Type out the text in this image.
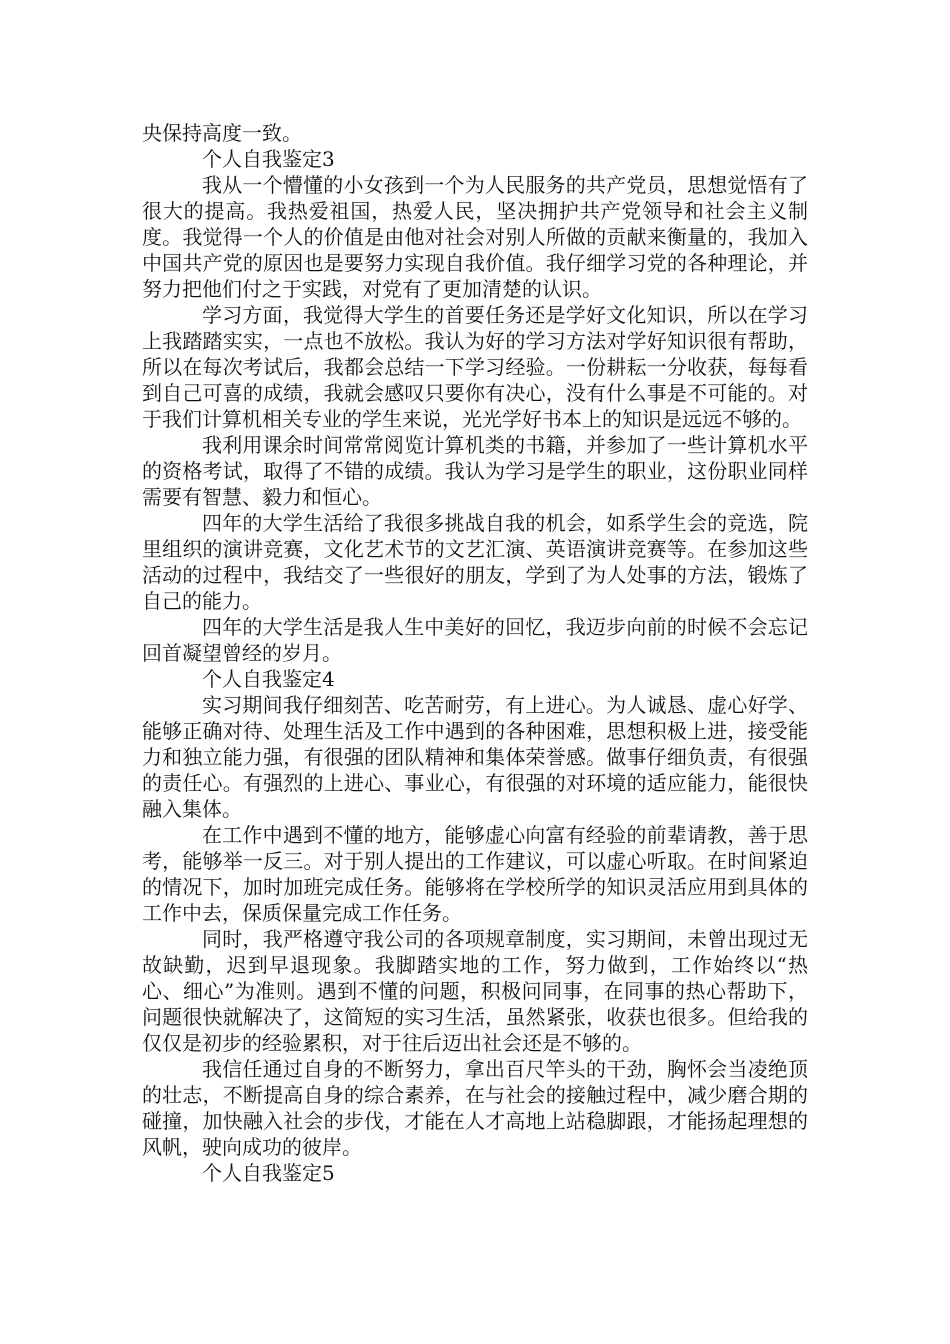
央保持高度一致。

个人自我鉴定3

我从一个懵懂的小女孩到一个为人民服务的共产党员，思想觉悟有了很大的提高。我热爱祖国，热爱人民，坚决拥护共产党领导和社会主义制度。我觉得一个人的价值是由他对社会对别人所做的贡献来衡量的，我加入中国共产党的原因也是要努力实现自我价值。我仔细学习党的各种理论，并努力把他们付之于实践，对党有了更加清楚的认识。

学习方面，我觉得大学生的首要任务还是学好文化知识，所以在学习上我踏踏实实，一点也不放松。我认为好的学习方法对学好知识很有帮助，所以在每次考试后，我都会总结一下学习经验。一份耕耘一分收获，每每看到自己可喜的成绩，我就会感叹只要你有决心，没有什么事是不可能的。对于我们计算机相关专业的学生来说，光光学好书本上的知识是远远不够的。

我利用课余时间常常阅览计算机类的书籍，并参加了一些计算机水平的资格考试，取得了不错的成绩。我认为学习是学生的职业，这份职业同样需要有智慧、毅力和恒心。

四年的大学生活给了我很多挑战自我的机会，如系学生会的竞选，院里组织的演讲竞赛，文化艺术节的文艺汇演、英语演讲竞赛等。在参加这些活动的过程中，我结交了一些很好的朋友，学到了为人处事的方法，锻炼了自己的能力。

四年的大学生活是我人生中美好的回忆，我迈步向前的时候不会忘记回首凝望曾经的岁月。

个人自我鉴定4

实习期间我仔细刻苦、吃苦耐劳，有上进心。为人诚恳、虚心好学、能够正确对待、处理生活及工作中遇到的各种困难，思想积极上进，接受能力和独立能力强，有很强的团队精神和集体荣誉感。做事仔细负责，有很强的责任心。有强烈的上进心、事业心，有很强的对环境的适应能力，能很快融入集体。

在工作中遇到不懂的地方，能够虚心向富有经验的前辈请教，善于思考，能够举一反三。对于别人提出的工作建议，可以虚心听取。在时间紧迫的情况下，加时加班完成任务。能够将在学校所学的知识灵活应用到具体的工作中去，保质保量完成工作任务。

同时，我严格遵守我公司的各项规章制度，实习期间，未曾出现过无故缺勤，迟到早退现象。我脚踏实地的工作，努力做到，工作始终以“热心、细心”为准则。遇到不懂的问题，积极问同事，在同事的热心帮助下，问题很快就解决了，这简短的实习生活，虽然紧张，收获也很多。但给我的仅仅是初步的经验累积，对于往后迈出社会还是不够的。

我信任通过自身的不断努力，拿出百尺竿头的干劲，胸怀会当凌绝顶的壮志，不断提高自身的综合素养，在与社会的接触过程中，减少磨合期的碰撞，加快融入社会的步伐，才能在人才高地上站稳脚跟，才能扬起理想的风帆，驶向成功的彼岸。

个人自我鉴定5
